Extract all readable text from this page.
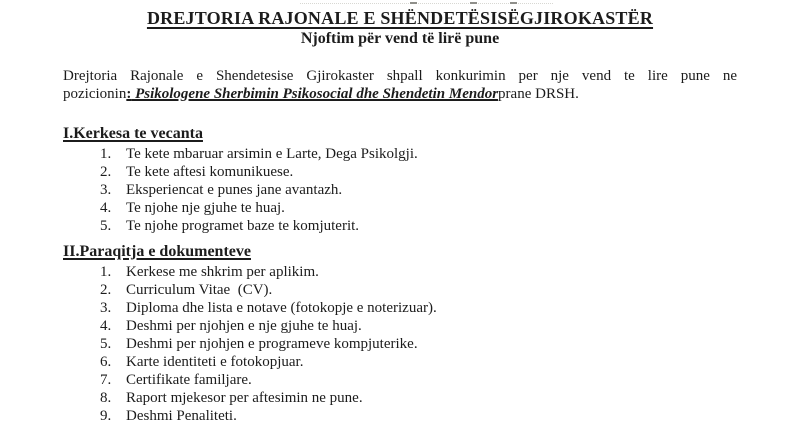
DREJTORIA RAJONALE E SHËNDETËSISËGJIROKASTËR
Njoftim për vend të lirë pune
Drejtoria Rajonale e Shendetesise Gjirokaster shpall konkurimin per nje vend te lire pune ne
pozicionin: Psikologene Sherbimin Psikosocial dhe Shendetin Mendorprane DRSH.
I.Kerkesa te vecanta
1. Te kete mbaruar arsimin e Larte, Dega Psikolgji.
2. Te kete aftesi komunikuese.
3. Eksperiencat e punes jane avantazh.
4. Te njohe nje gjuhe te huaj.
5. Te njohe programet baze te komjuterit.
II.Paraqitja e dokumenteve
1. Kerkese me shkrim per aplikim.
2. Curriculum Vitae  (CV).
3. Diploma dhe lista e notave (fotokopje e noterizuar).
4. Deshmi per njohjen e nje gjuhe te huaj.
5. Deshmi per njohjen e programeve kompjuterike.
6. Karte identiteti e fotokopjuar.
7. Certifikate familjare.
8. Raport mjekesor per aftesimin ne pune.
9. Deshmi Penaliteti.
